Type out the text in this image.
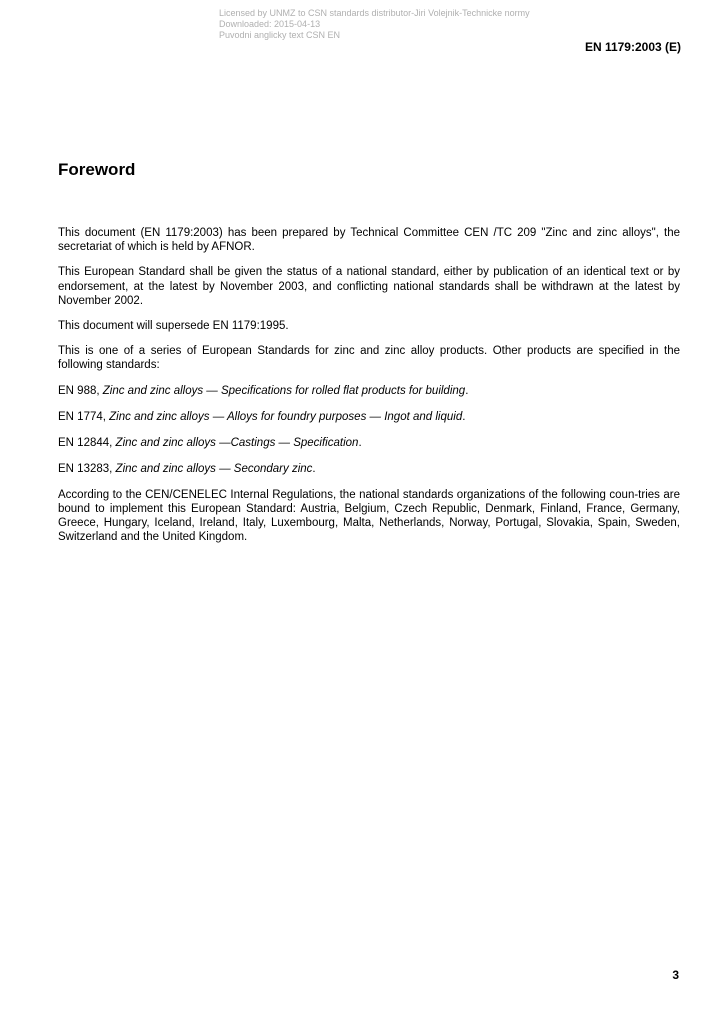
Licensed by UNMZ to CSN standards distributor-Jiri Volejnik-Technicke normy
Downloaded: 2015-04-13
Puvodni anglicky text CSN EN
EN 1179:2003 (E)
Foreword

This document (EN 1179:2003) has been prepared by Technical Committee CEN /TC 209 "Zinc and zinc alloys", the secretariat of which is held by AFNOR.

This European Standard shall be given the status of a national standard, either by publication of an identical text or by endorsement, at the latest by November 2003, and conflicting national standards shall be withdrawn at the latest by November 2002.

This document will supersede EN 1179:1995.

This is one of a series of European Standards for zinc and zinc alloy products. Other products are specified in the following standards:

EN 988, Zinc and zinc alloys — Specifications for rolled flat products for building.

EN 1774, Zinc and zinc alloys — Alloys for foundry purposes — Ingot and liquid.

EN 12844, Zinc and zinc alloys —Castings — Specification.

EN 13283, Zinc and zinc alloys — Secondary zinc.

According to the CEN/CENELEC Internal Regulations, the national standards organizations of the following coun-tries are bound to implement this European Standard: Austria, Belgium, Czech Republic, Denmark, Finland, France, Germany, Greece, Hungary, Iceland, Ireland, Italy, Luxembourg, Malta, Netherlands, Norway, Portugal, Slovakia, Spain, Sweden, Switzerland and the United Kingdom.

3
